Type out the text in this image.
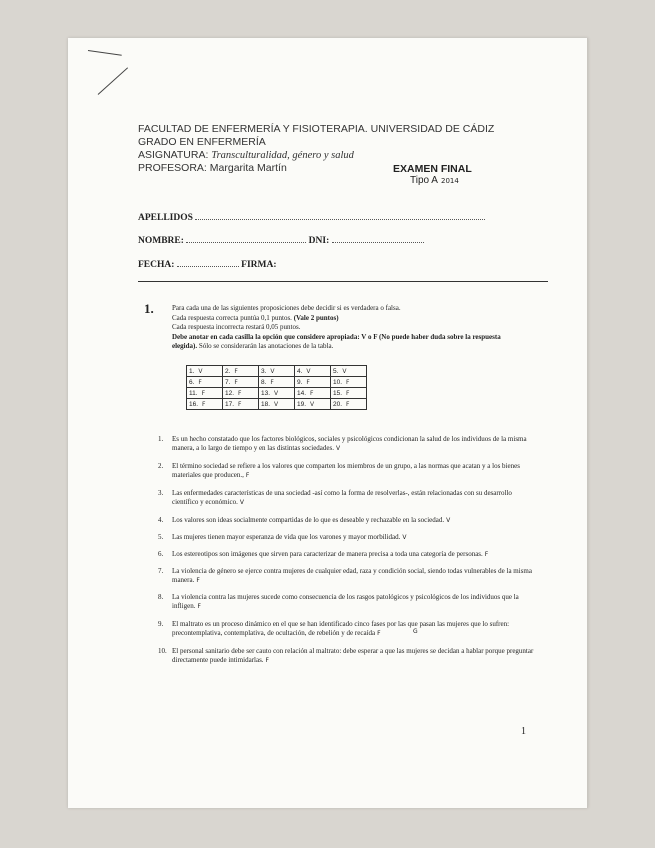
FACULTAD DE ENFERMERÍA Y FISIOTERAPIA. UNIVERSIDAD DE CÁDIZ
GRADO EN ENFERMERÍA
ASIGNATURA: Transculturalidad, género y salud
PROFESORA: Margarita Martín	EXAMEN FINAL
Tipo A 2014
APELLIDOS
NOMBRE:	DNI:
FECHA:	FIRMA:
1.	Para cada una de las siguientes proposiciones debe decidir si es verdadera o falsa.
Cada respuesta correcta puntúa 0,1 puntos. (Vale 2 puntos)
Cada respuesta incorrecta restará 0,05 puntos.
Debe anotar en cada casilla la opción que considere apropiada: V o F (No puede haber duda sobre la respuesta elegida). Sólo se considerarán las anotaciones de la tabla.
1. V	2. F	3. V	4. V	5. V
6. F	7. F	8. F	9. F	10. F
11. F	12. F	13. V	14. F	15. F
16. F	17. F	18. V	19. V	20. F
1. Es un hecho constatado que los factores biológicos, sociales y psicológicos condicionan la salud de los individuos de la misma manera, a lo largo de tiempo y en las distintas sociedades. V
2. El término sociedad se refiere a los valores que comparten los miembros de un grupo, a las normas que acatan y a los bienes materiales que producen., F
3. Las enfermedades características de una sociedad -así como la forma de resolverlas-, están relacionadas con su desarrollo científico y económico. V
4. Los valores son ideas socialmente compartidas de lo que es deseable y rechazable en la sociedad. V
5. Las mujeres tienen mayor esperanza de vida que los varones y mayor morbilidad. V
6. Los estereotipos son imágenes que sirven para caracterizar de manera precisa a toda una categoría de personas. F
7. La violencia de género se ejerce contra mujeres de cualquier edad, raza y condición social, siendo todas vulnerables de la misma manera. F
8. La violencia contra las mujeres sucede como consecuencia de los rasgos patológicos y psicológicos de los individuos que la infligen. F
9. El maltrato es un proceso dinámico en el que se han identificado cinco fases por las que pasan las mujeres que lo sufren: precontemplativa, contemplativa, de ocultación, de rebelión y de recaída F
10. El personal sanitario debe ser cauto con relación al maltrato: debe esperar a que las mujeres se decidan a hablar porque preguntar directamente puede intimidarlas. F
G
1
